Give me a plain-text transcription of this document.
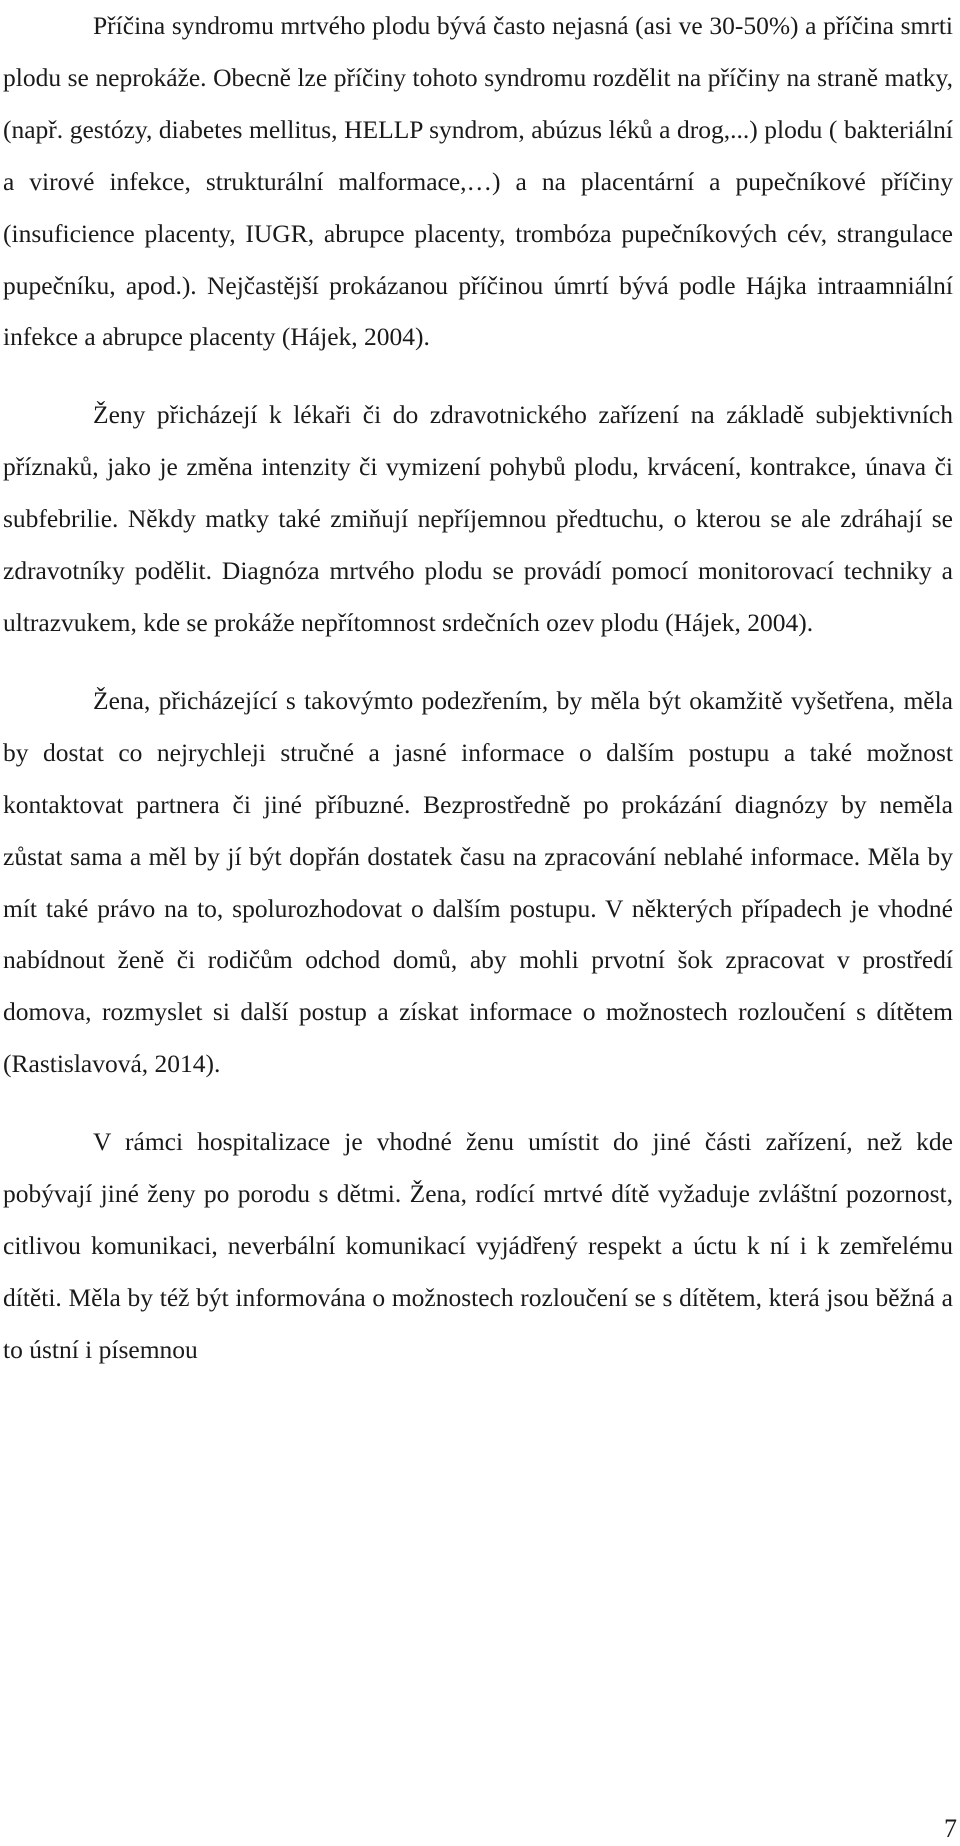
Příčina syndromu mrtvého plodu bývá často nejasná (asi ve 30-50%) a příčina smrti plodu se neprokáže. Obecně lze příčiny tohoto syndromu rozdělit na příčiny na straně matky, (např. gestózy, diabetes mellitus, HELLP syndrom, abúzus léků a drog,...) plodu ( bakteriální a virové infekce, strukturální malformace,…) a na placentární a pupečníkové příčiny (insuficience placenty, IUGR, abrupce placenty, trombóza pupečníkových cév, strangulace pupečníku, apod.). Nejčastější prokázanou příčinou úmrtí bývá podle Hájka intraamniální infekce a abrupce placenty (Hájek, 2004).

Ženy přicházejí k lékaři či do zdravotnického zařízení na základě subjektivních příznaků, jako je změna intenzity či vymizení pohybů plodu, krvácení, kontrakce, únava či subfebrilie. Někdy matky také zmiňují nepříjemnou předtuchu, o kterou se ale zdráhají se zdravotníky podělit. Diagnóza mrtvého plodu se provádí pomocí monitorovací techniky a ultrazvukem, kde se prokáže nepřítomnost srdečních ozev plodu (Hájek, 2004).

Žena, přicházející s takovýmto podezřením, by měla být okamžitě vyšetřena, měla by dostat co nejrychleji stručné a jasné informace o dalším postupu a také možnost kontaktovat partnera či jiné příbuzné. Bezprostředně po prokázání diagnózy by neměla zůstat sama a měl by jí být dopřán dostatek času na zpracování neblahé informace. Měla by mít také právo na to, spolurozhodovat o dalším postupu. V některých případech je vhodné nabídnout ženě či rodičům odchod domů, aby mohli prvotní šok zpracovat v prostředí domova, rozmyslet si další postup a získat informace o možnostech rozloučení s dítětem (Rastislavová, 2014).

V rámci hospitalizace je vhodné ženu umístit do jiné části zařízení, než kde pobývají jiné ženy po porodu s dětmi. Žena, rodící mrtvé dítě vyžaduje zvláštní pozornost, citlivou komunikaci, neverbální komunikací vyjádřený respekt a úctu k ní i k zemřelému dítěti. Měla by též být informována o možnostech rozloučení se s dítětem, která jsou běžná a to ústní i písemnou

7
